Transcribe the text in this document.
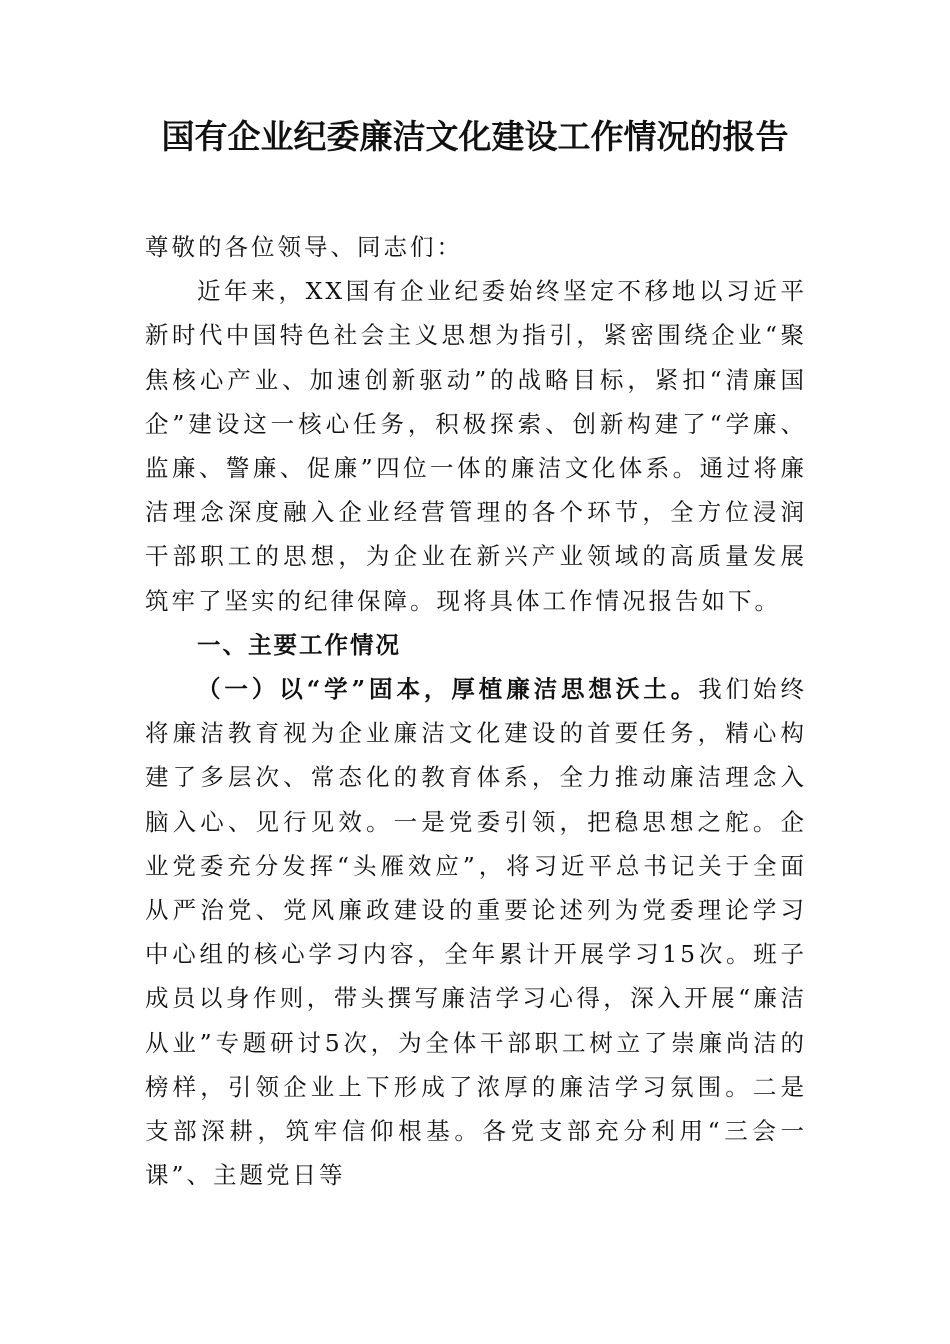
国有企业纪委廉洁文化建设工作情况的报告

尊敬的各位领导、同志们：

近年来，XX国有企业纪委始终坚定不移地以习近平新时代中国特色社会主义思想为指引，紧密围绕企业“聚焦核心产业、加速创新驱动”的战略目标，紧扣“清廉国企”建设这一核心任务，积极探索、创新构建了“学廉、监廉、警廉、促廉”四位一体的廉洁文化体系。通过将廉洁理念深度融入企业经营管理的各个环节，全方位浸润干部职工的思想，为企业在新兴产业领域的高质量发展筑牢了坚实的纪律保障。现将具体工作情况报告如下。

一、主要工作情况

（一）以“学”固本，厚植廉洁思想沃土。我们始终将廉洁教育视为企业廉洁文化建设的首要任务，精心构建了多层次、常态化的教育体系，全力推动廉洁理念入脑入心、见行见效。一是党委引领，把稳思想之舵。企业党委充分发挥“头雁效应”，将习近平总书记关于全面从严治党、党风廉政建设的重要论述列为党委理论学习中心组的核心学习内容，全年累计开展学习15次。班子成员以身作则，带头撰写廉洁学习心得，深入开展“廉洁从业”专题研讨5次，为全体干部职工树立了崇廉尚洁的榜样，引领企业上下形成了浓厚的廉洁学习氛围。二是支部深耕，筑牢信仰根基。各党支部充分利用“三会一课”、主题党日等
